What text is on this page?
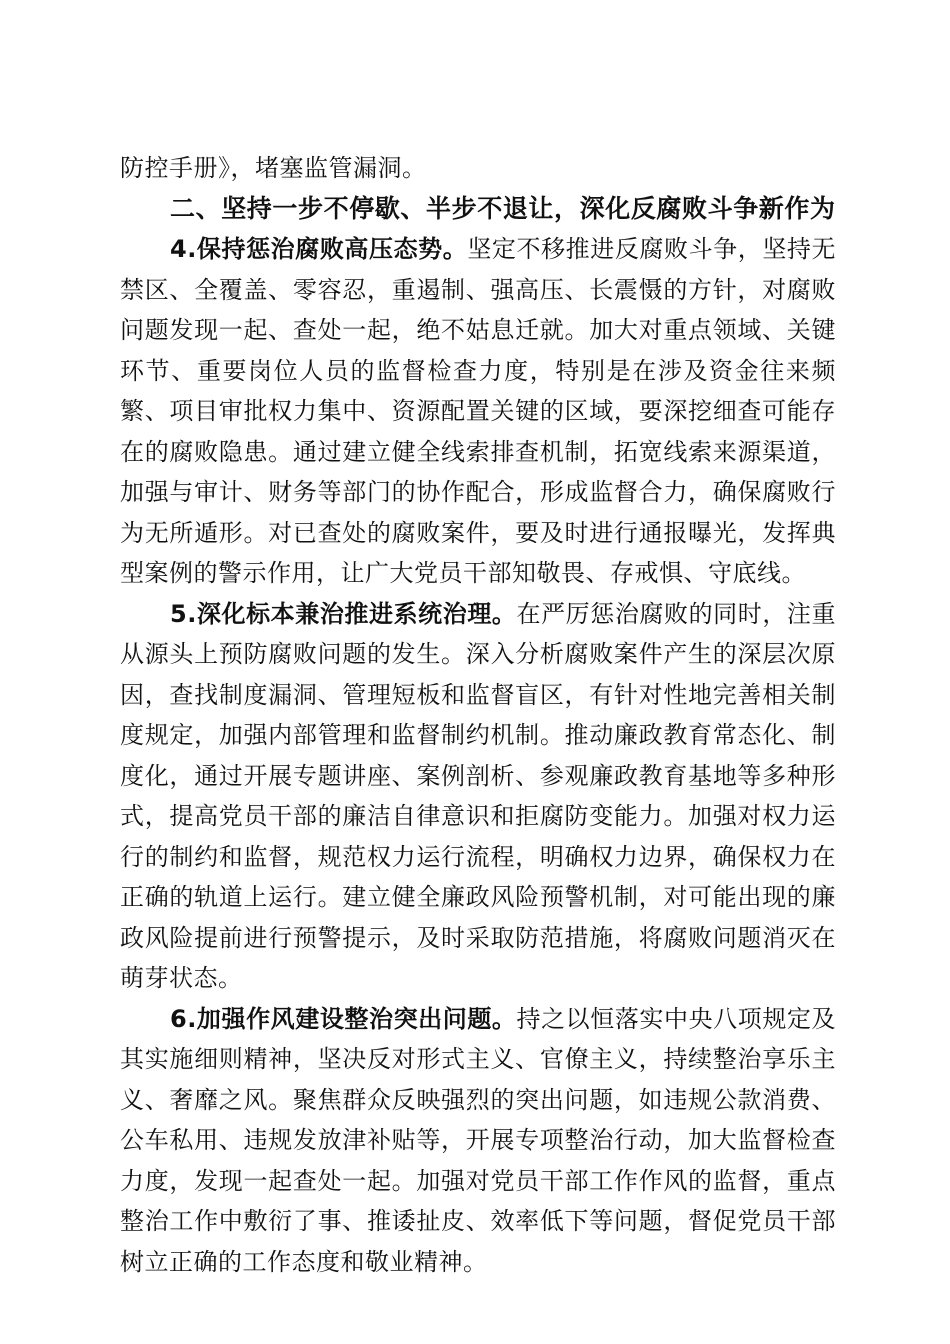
防控手册》，堵塞监管漏洞。

二、坚持一步不停歇、半步不退让，深化反腐败斗争新作为

4.保持惩治腐败高压态势。坚定不移推进反腐败斗争，坚持无禁区、全覆盖、零容忍，重遏制、强高压、长震慑的方针，对腐败问题发现一起、查处一起，绝不姑息迁就。加大对重点领域、关键环节、重要岗位人员的监督检查力度，特别是在涉及资金往来频繁、项目审批权力集中、资源配置关键的区域，要深挖细查可能存在的腐败隐患。通过建立健全线索排查机制，拓宽线索来源渠道，加强与审计、财务等部门的协作配合，形成监督合力，确保腐败行为无所遁形。对已查处的腐败案件，要及时进行通报曝光，发挥典型案例的警示作用，让广大党员干部知敬畏、存戒惧、守底线。

5.深化标本兼治推进系统治理。在严厉惩治腐败的同时，注重从源头上预防腐败问题的发生。深入分析腐败案件产生的深层次原因，查找制度漏洞、管理短板和监督盲区，有针对性地完善相关制度规定，加强内部管理和监督制约机制。推动廉政教育常态化、制度化，通过开展专题讲座、案例剖析、参观廉政教育基地等多种形式，提高党员干部的廉洁自律意识和拒腐防变能力。加强对权力运行的制约和监督，规范权力运行流程，明确权力边界，确保权力在正确的轨道上运行。建立健全廉政风险预警机制，对可能出现的廉政风险提前进行预警提示，及时采取防范措施，将腐败问题消灭在萌芽状态。

6.加强作风建设整治突出问题。持之以恒落实中央八项规定及其实施细则精神，坚决反对形式主义、官僚主义，持续整治享乐主义、奢靡之风。聚焦群众反映强烈的突出问题，如违规公款消费、公车私用、违规发放津补贴等，开展专项整治行动，加大监督检查力度，发现一起查处一起。加强对党员干部工作作风的监督，重点整治工作中敷衍了事、推诿扯皮、效率低下等问题，督促党员干部树立正确的工作态度和敬业精神。
